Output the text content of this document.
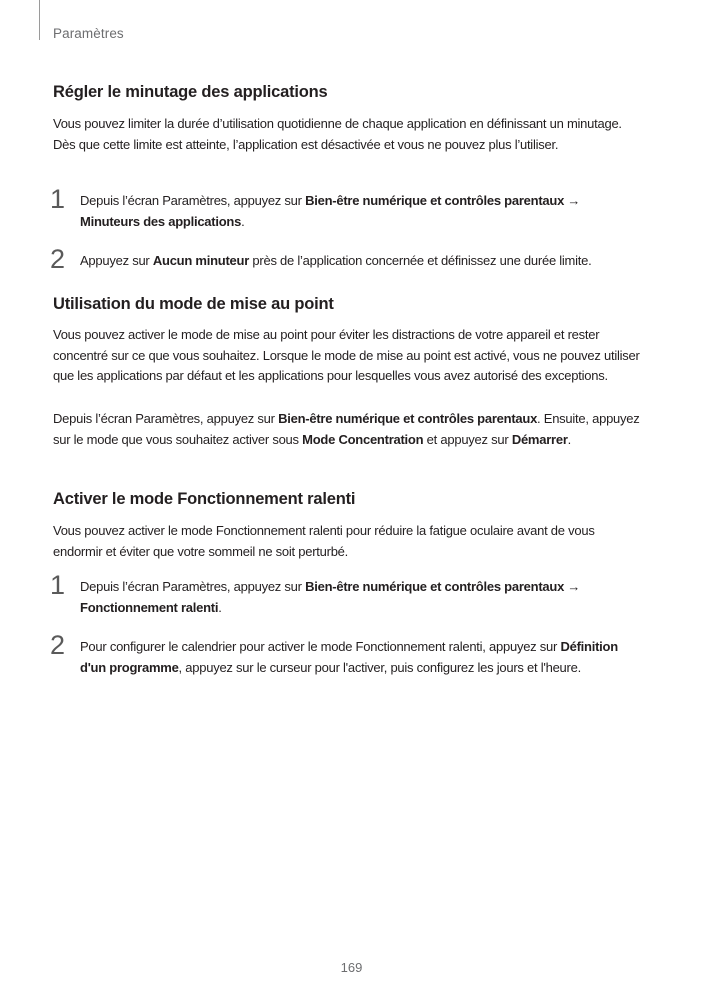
Paramètres
Régler le minutage des applications

Vous pouvez limiter la durée d’utilisation quotidienne de chaque application en définissant un minutage. Dès que cette limite est atteinte, l’application est désactivée et vous ne pouvez plus l’utiliser.

1 Depuis l’écran Paramètres, appuyez sur Bien-être numérique et contrôles parentaux →
Minuteurs des applications.

2 Appuyez sur Aucun minuteur près de l’application concernée et définissez une durée limite.

Utilisation du mode de mise au point

Vous pouvez activer le mode de mise au point pour éviter les distractions de votre appareil et rester concentré sur ce que vous souhaitez. Lorsque le mode de mise au point est activé, vous ne pouvez utiliser que les applications par défaut et les applications pour lesquelles vous avez autorisé des exceptions.

Depuis l’écran Paramètres, appuyez sur Bien-être numérique et contrôles parentaux. Ensuite, appuyez sur le mode que vous souhaitez activer sous Mode Concentration et appuyez sur Démarrer.

Activer le mode Fonctionnement ralenti

Vous pouvez activer le mode Fonctionnement ralenti pour réduire la fatigue oculaire avant de vous endormir et éviter que votre sommeil ne soit perturbé.

1 Depuis l’écran Paramètres, appuyez sur Bien-être numérique et contrôles parentaux →
Fonctionnement ralenti.

2 Pour configurer le calendrier pour activer le mode Fonctionnement ralenti, appuyez sur Définition d'un programme, appuyez sur le curseur pour l'activer, puis configurez les jours et l'heure.

169
